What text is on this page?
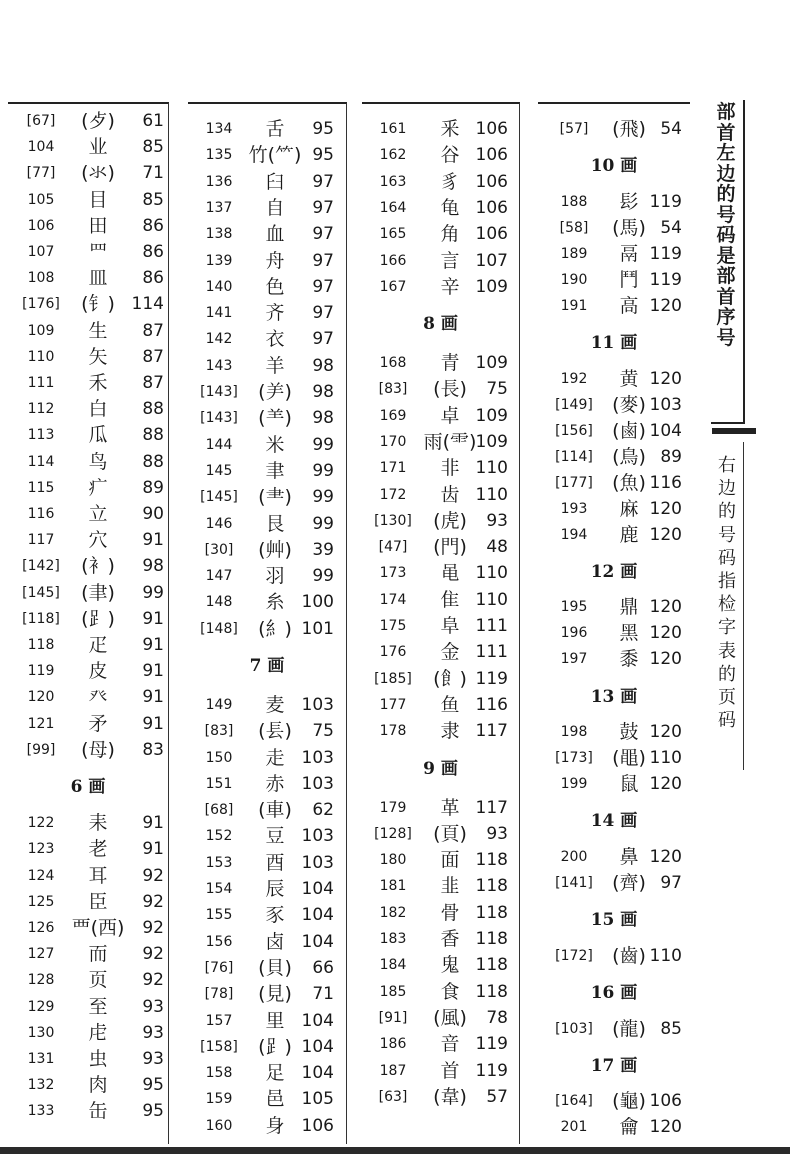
[67]	(歺)	61
104	业	85
[77]	(氺)	71
105	目	85
106	田	86
107	罒	86
108	皿	86
[176]	(钅) 114
109	生	87
110	矢	87
111	禾	87
112	白	88
113	瓜	88
114	鸟	88
115	疒	89
116	立	90
117	穴	91
[142]	(衤)	98
[145]	(聿)	99
[118]	(⻊)	91
118	疋	91
119	皮	91
120	癶	91
121	矛	91
[99]	(母)	83
6 画
122	耒	91
123	老	91
124	耳	92
125	臣	92
126 覀(西)	92
127	而	92
128	页	92
129	至	93
130	虍	93
131	虫	93
132	肉	95
133	缶	95
134	舌	95
135 竹(⺮) 95
136	臼	97
137	自	97
138	血	97
139	舟	97
140	色	97
141	齐	97
142	衣	97
143	羊	98
[143]	(⺶)	98
[143]	(⺷)	98
144	米	99
145	聿	99
[145]	(⺻)	99
146	艮	99
[30]	(艸)	39
147	羽	99
148	糸	100
[148]	(糹) 101
7 画
149	麦	103
[83]	(镸)	75
150	走	103
151	赤	103
[68]	(車)	62
152	豆	103
153	酉	103
154	辰	104
155	豕	104
156	卤	104
[76]	(貝)	66
[78]	(見)	71
157	里	104
[158]	(⻊) 104
158	足	104
159	邑	105
160	身	106
161	釆 106
162	谷 106
163	豸 106
164	龟 106
165	角 106
166	言 107
167	辛 109
8 画
168	青 109
[83]	(長)	75
169	卓 109
170 雨(⻗) 109
171	非 110
172	齿 110
[130]	(虎)	93
[47]	(門)	48
173	黾 110
174	隹 110
175	阜 111
176	金 111
[185]	(飠) 119
177	鱼 116
178	隶 117
9 画
179	革 117
[128]	(頁)	93
180	面 118
181	韭 118
182	骨 118
183	香 118
184	鬼 118
185	食 118
[91]	(風)	78
186	音 119
187	首 119
[63]	(韋)	57
[57]	(飛) 54
10 画
188	髟 119
[58]	(馬) 54
189	鬲 119
190	鬥 119
191	高 120
11 画
192	黄 120
[149]	(麥) 103
[156]	(鹵) 104
[114]	(鳥) 89
[177]	(魚) 116
193	麻 120
194	鹿 120
12 画
195	鼎 120
196	黑 120
197	黍 120
13 画
198	鼓 120
[173]	(黽) 110
199	鼠 120
14 画
200	鼻 120
[141]	(齊) 97
15 画
[172]	(齒) 110
16 画
[103]	(龍) 85
17 画
[164]	(龜) 106
201	龠 120
部首左边的号码是部首序号
右边的号码指检字表的页码
